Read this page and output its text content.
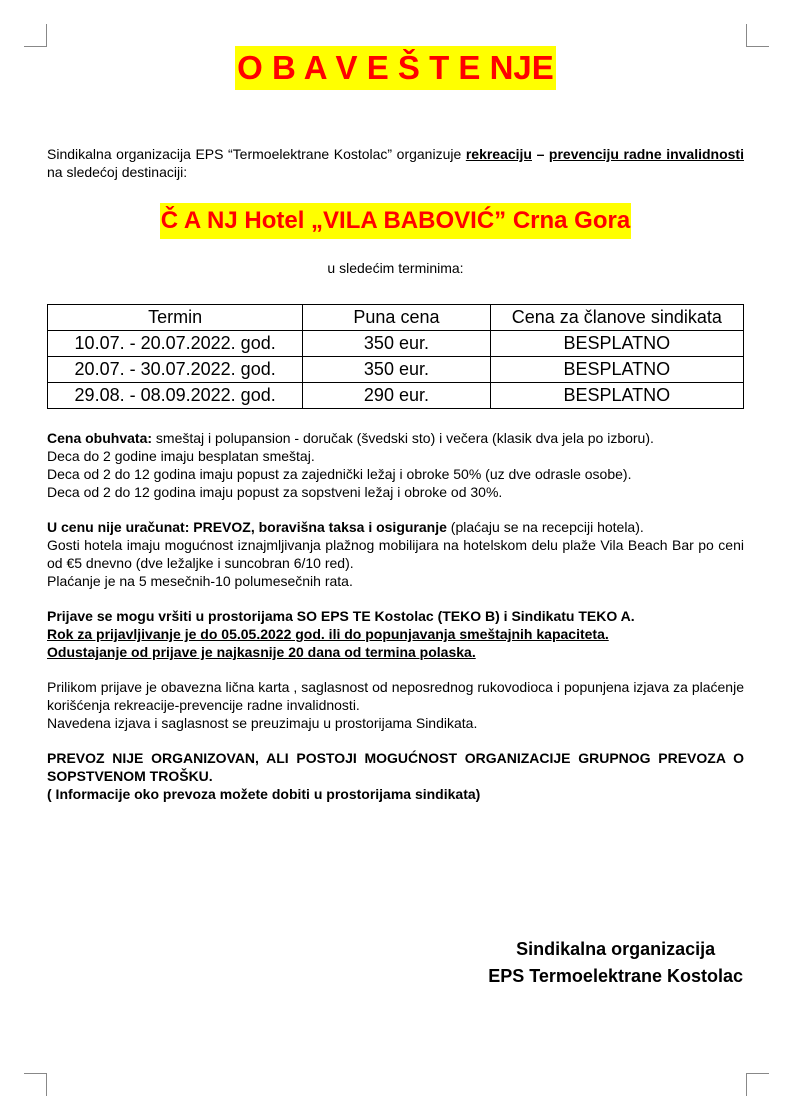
O B A V E Š T E NJE
Sindikalna organizacija EPS “Termoelektrane Kostolac” organizuje rekreaciju – prevenciju radne invalidnosti na sledećoj destinaciji:
Č A NJ Hotel „VILA BABOVIĆ” Crna Gora
u sledećim terminima:
Termin	Puna cena	Cena za članove sindikata
10.07. - 20.07.2022. god.	350 eur.	BESPLATNO
20.07. - 30.07.2022. god.	350 eur.	BESPLATNO
29.08. - 08.09.2022. god.	290 eur.	BESPLATNO
Cena obuhvata: smeštaj i polupansion - doručak (švedski sto) i večera (klasik dva jela po izboru).
Deca do 2 godine imaju besplatan smeštaj.
Deca od 2 do 12 godina imaju popust za zajednički ležaj i obroke 50% (uz dve odrasle osobe).
Deca od 2 do 12 godina imaju popust za sopstveni ležaj i obroke od 30%.
U cenu nije uračunat: PREVOZ, boravišna taksa i osiguranje (plaćaju se na recepciji hotela).
Gosti hotela imaju mogućnost iznajmljivanja plažnog mobilijara na hotelskom delu plaže Vila Beach Bar po ceni od €5 dnevno (dve ležaljke i suncobran 6/10 red).
Plaćanje je na 5 mesečnih-10 polumesečnih rata.
Prijave se mogu vršiti u prostorijama SO EPS TE Kostolac (TEKO B) i Sindikatu TEKO A.
Rok za prijavljivanje je do 05.05.2022 god. ili do popunjavanja smeštajnih kapaciteta.
Odustajanje od prijave je najkasnije 20 dana od termina polaska.
Prilikom prijave je obavezna lična karta , saglasnost od neposrednog rukovodioca i popunjena izjava za plaćenje korišćenja rekreacije-prevencije radne invalidnosti.
Navedena izjava i saglasnost se preuzimaju u prostorijama Sindikata.
PREVOZ NIJE ORGANIZOVAN, ALI POSTOJI MOGUĆNOST ORGANIZACIJE GRUPNOG PREVOZA O SOPSTVENOM TROŠKU.
( Informacije oko prevoza možete dobiti u prostorijama sindikata)
Sindikalna organizacija
EPS Termoelektrane Kostolac
